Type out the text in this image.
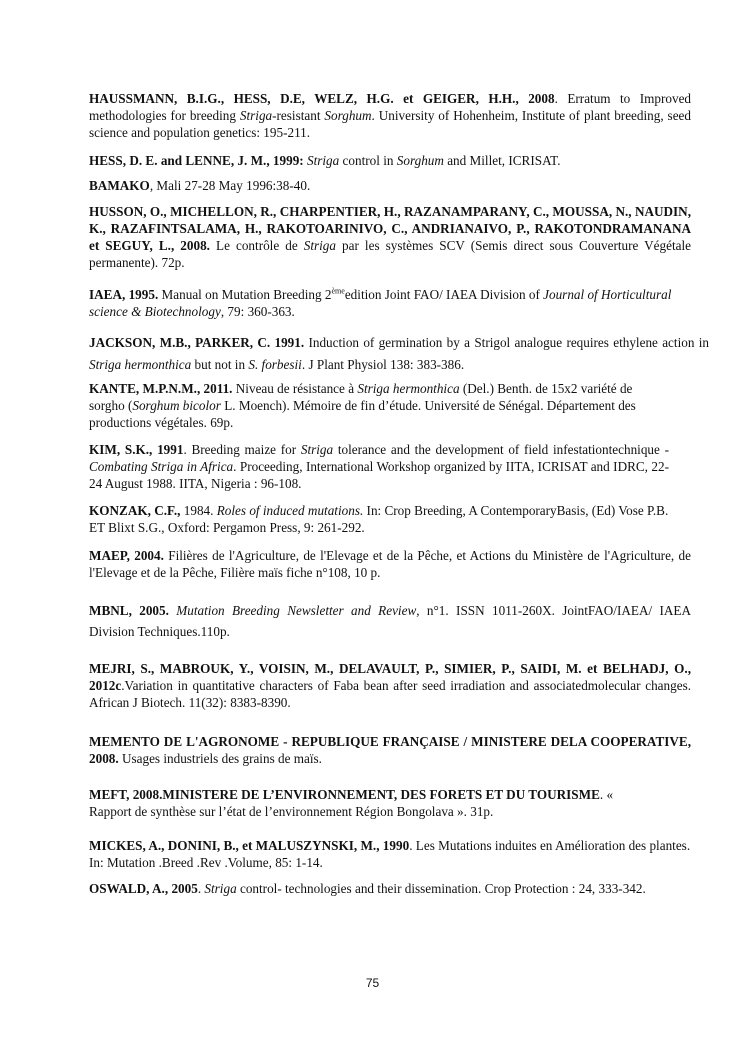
HAUSSMANN, B.I.G., HESS, D.E, WELZ, H.G. et GEIGER, H.H., 2008. Erratum to Improved methodologies for breeding Striga-resistant Sorghum. University of Hohenheim, Institute of plant breeding, seed science and population genetics: 195-211.

HESS, D. E. and LENNE, J. M., 1999: Striga control in Sorghum and Millet, ICRISAT.

BAMAKO, Mali 27-28 May 1996:38-40.

HUSSON, O., MICHELLON, R., CHARPENTIER, H., RAZANAMPARANY, C., MOUSSA, N., NAUDIN, K., RAZAFINTSALAMA, H., RAKOTOARINIVO, C., ANDRIANAIVO, P., RAKOTONDRAMANANA et SEGUY, L., 2008. Le contrôle de Striga par les systèmes SCV (Semis direct sous Couverture Végétale permanente). 72p.

IAEA, 1995. Manual on Mutation Breeding 2èmeedition Joint FAO/ IAEA Division of Journal of Horticultural science & Biotechnology, 79: 360-363.

JACKSON, M.B., PARKER, C. 1991. Induction of germination by a Strigol analogue requires ethylene action in Striga hermonthica but not in S. forbesii. J Plant Physiol 138: 383‑386.

KANTE, M.P.N.M., 2011. Niveau de résistance à Striga hermonthica (Del.) Benth. de 15x2 variété de sorgho (Sorghum bicolor L. Moench). Mémoire de fin d’étude. Université de Sénégal. Département des productions végétales. 69p.

KIM, S.K., 1991. Breeding maize for Striga tolerance and the development of field infestationtechnique - Combating Striga in Africa. Proceeding, International Workshop organized by IITA, ICRISAT and IDRC, 22-24 August 1988. IITA, Nigeria : 96-108.

KONZAK, C.F., 1984. Roles of induced mutations. In: Crop Breeding, A ContemporaryBasis, (Ed) Vose P.B. ET Blixt S.G., Oxford: Pergamon Press, 9: 261-292.

MAEP, 2004. Filières de l'Agriculture, de l'Elevage et de la Pêche, et Actions du Ministère de l'Agriculture, de l'Elevage et de la Pêche, Filière maïs fiche n°108, 10 p.

MBNL, 2005. Mutation Breeding Newsletter and Review, n°1. ISSN 1011-260X. JointFAO/IAEA/ IAEA Division Techniques.110p.

MEJRI, S., MABROUK, Y., VOISIN, M., DELAVAULT, P., SIMIER, P., SAIDI, M. et BELHADJ, O., 2012c.Variation in quantitative characters of Faba bean after seed irradiation and associatedmolecular changes. African J Biotech. 11(32): 8383-8390.

MEMENTO DE L'AGRONOME - REPUBLIQUE FRANÇAISE / MINISTERE DELA COOPERATIVE, 2008. Usages industriels des grains de maïs.

MEFT, 2008.MINISTERE DE L’ENVIRONNEMENT, DES FORETS ET DU TOURISME. « Rapport de synthèse sur l’état de l’environnement Région Bongolava ». 31p.

MICKES, A., DONINI, B., et MALUSZYNSKI, M., 1990. Les Mutations induites en Amélioration des plantes. In: Mutation .Breed .Rev .Volume, 85: 1-14.

OSWALD, A., 2005. Striga control- technologies and their dissemination. Crop Protection : 24, 333-342.

75
